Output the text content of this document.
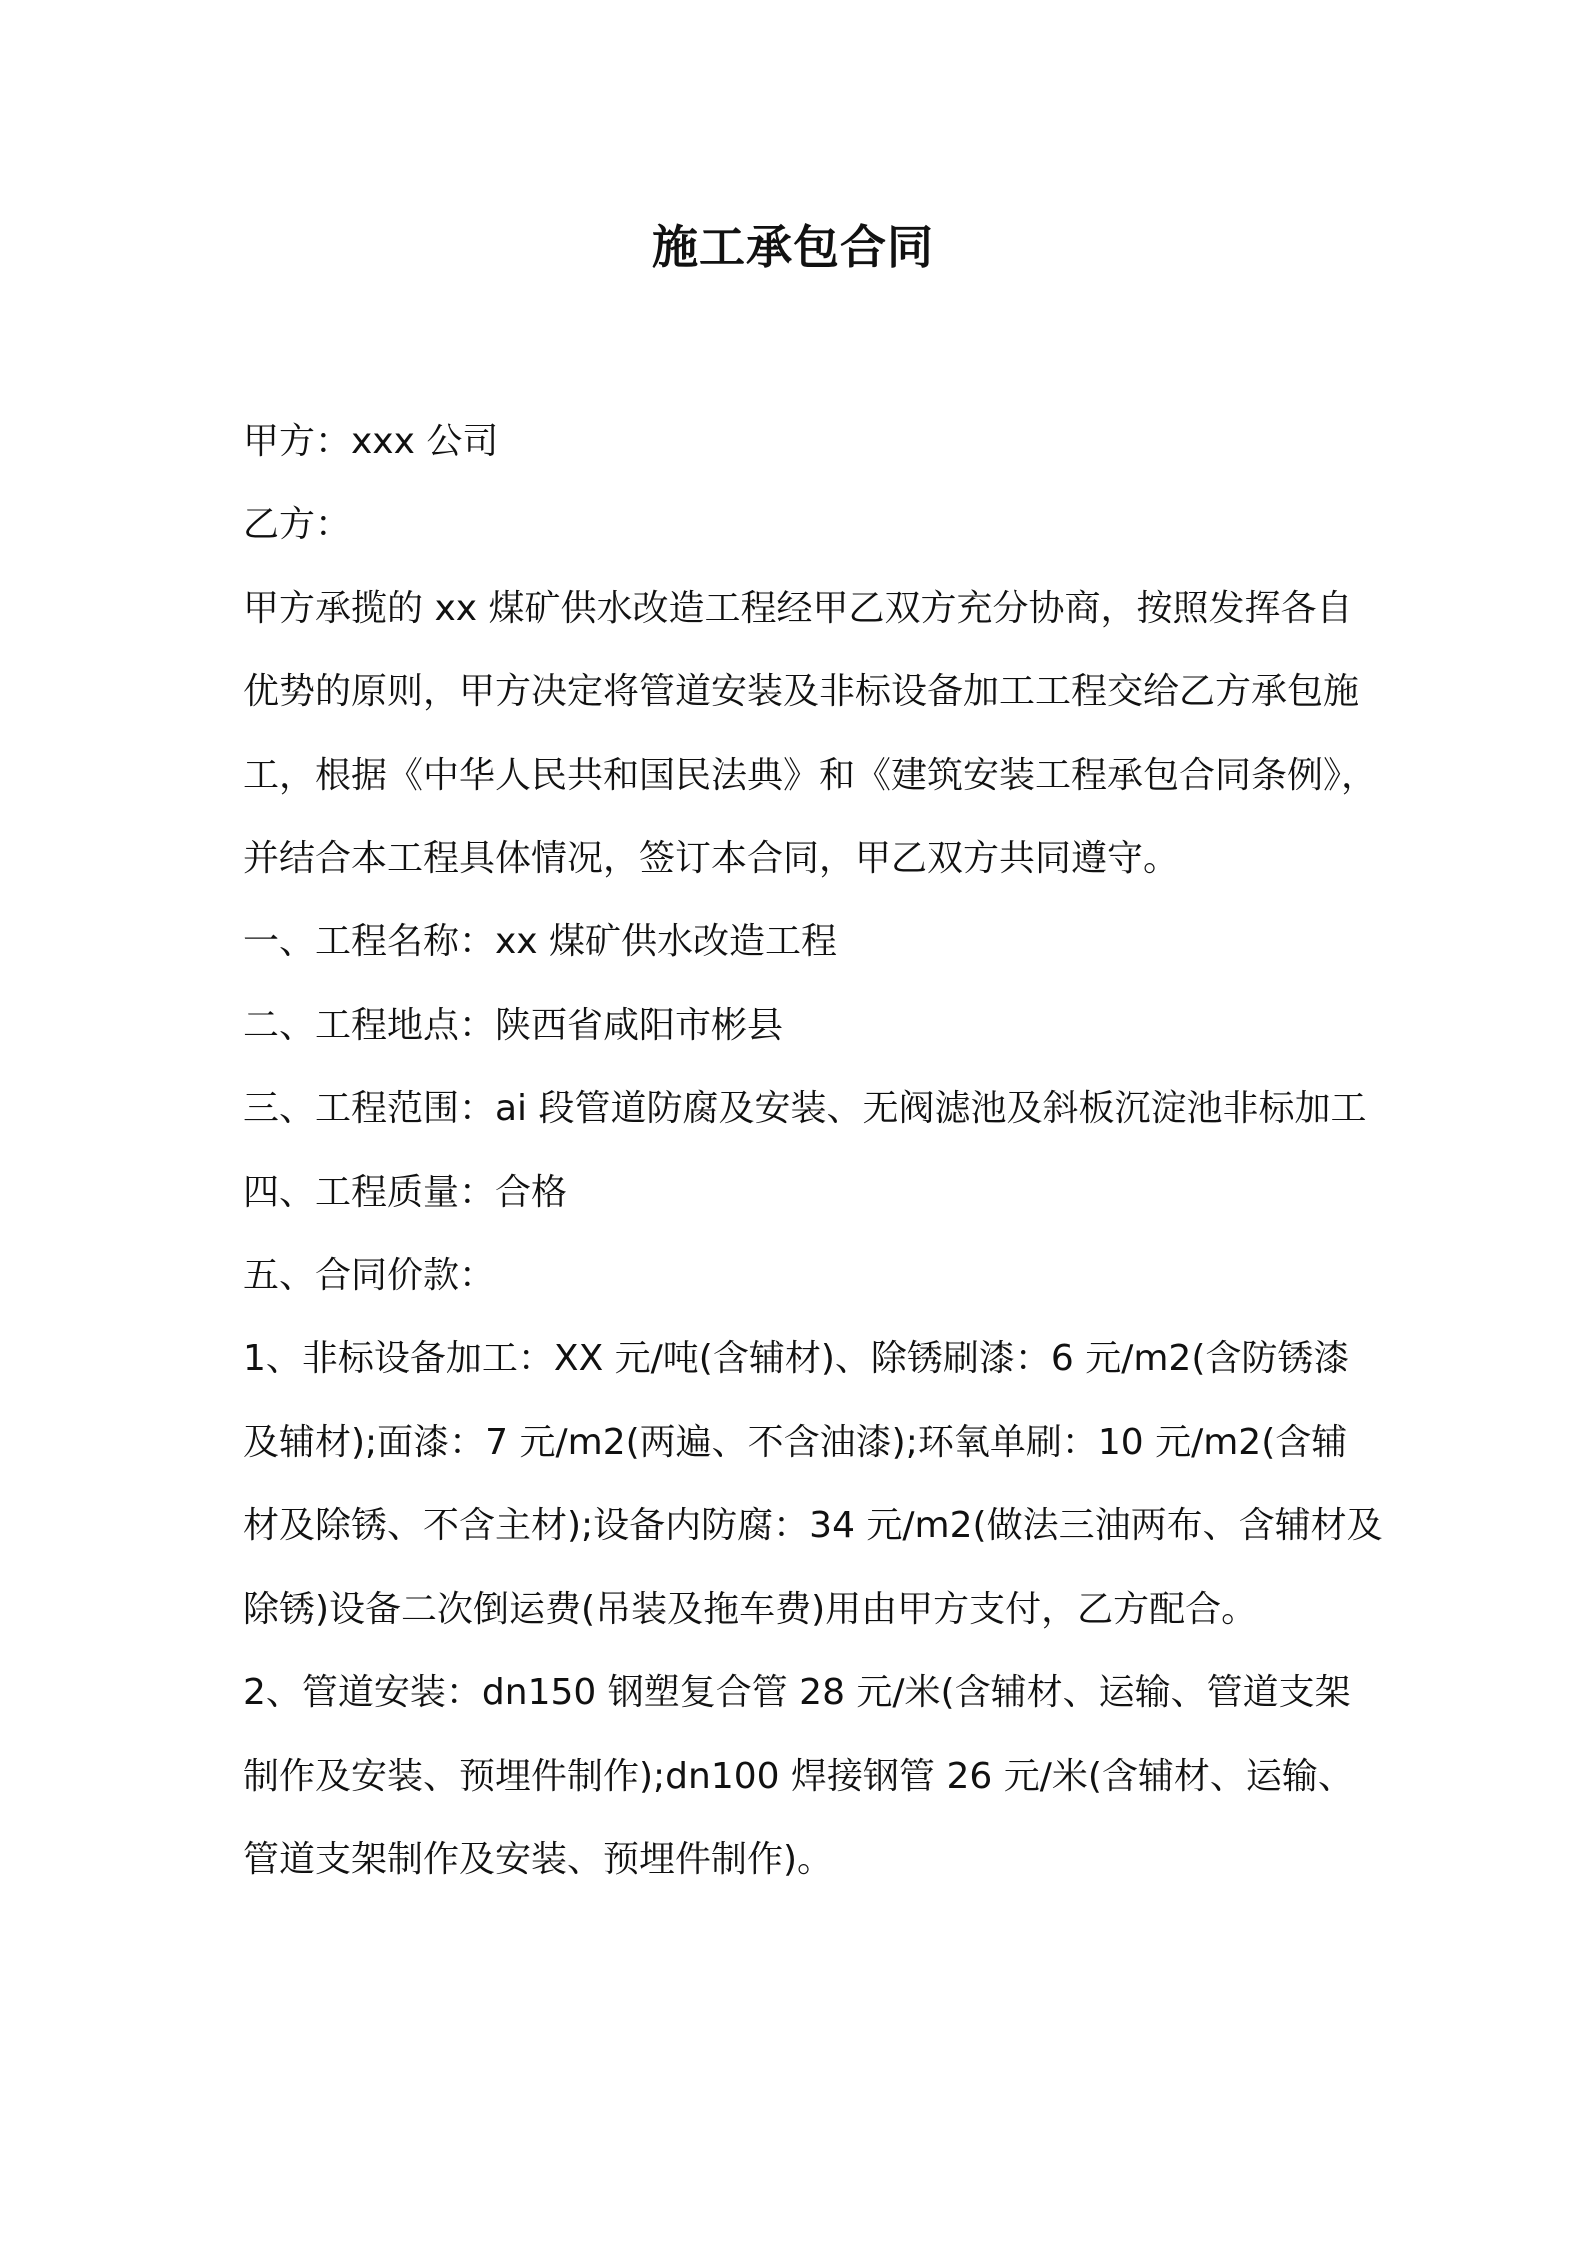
施工承包合同

甲方：xxx 公司

乙方：

甲方承揽的 xx 煤矿供水改造工程经甲乙双方充分协商，按照发挥各自优势的原则，甲方决定将管道安装及非标设备加工工程交给乙方承包施工，根据《中华人民共和国民法典》和《建筑安装工程承包合同条例》，并结合本工程具体情况，签订本合同，甲乙双方共同遵守。

一、工程名称：xx 煤矿供水改造工程

二、工程地点：陕西省咸阳市彬县

三、工程范围：ai 段管道防腐及安装、无阀滤池及斜板沉淀池非标加工

四、工程质量：合格

五、合同价款：

1、非标设备加工：XX 元/吨(含辅材)、除锈刷漆：6 元/m2(含防锈漆及辅材);面漆：7 元/m2(两遍、不含油漆);环氧单刷：10 元/m2(含辅材及除锈、不含主材);设备内防腐：34 元/m2(做法三油两布、含辅材及除锈)设备二次倒运费(吊装及拖车费)用由甲方支付，乙方配合。

2、管道安装：dn150 钢塑复合管 28 元/米(含辅材、运输、管道支架制作及安装、预埋件制作);dn100 焊接钢管 26 元/米(含辅材、运输、管道支架制作及安装、预埋件制作)。
